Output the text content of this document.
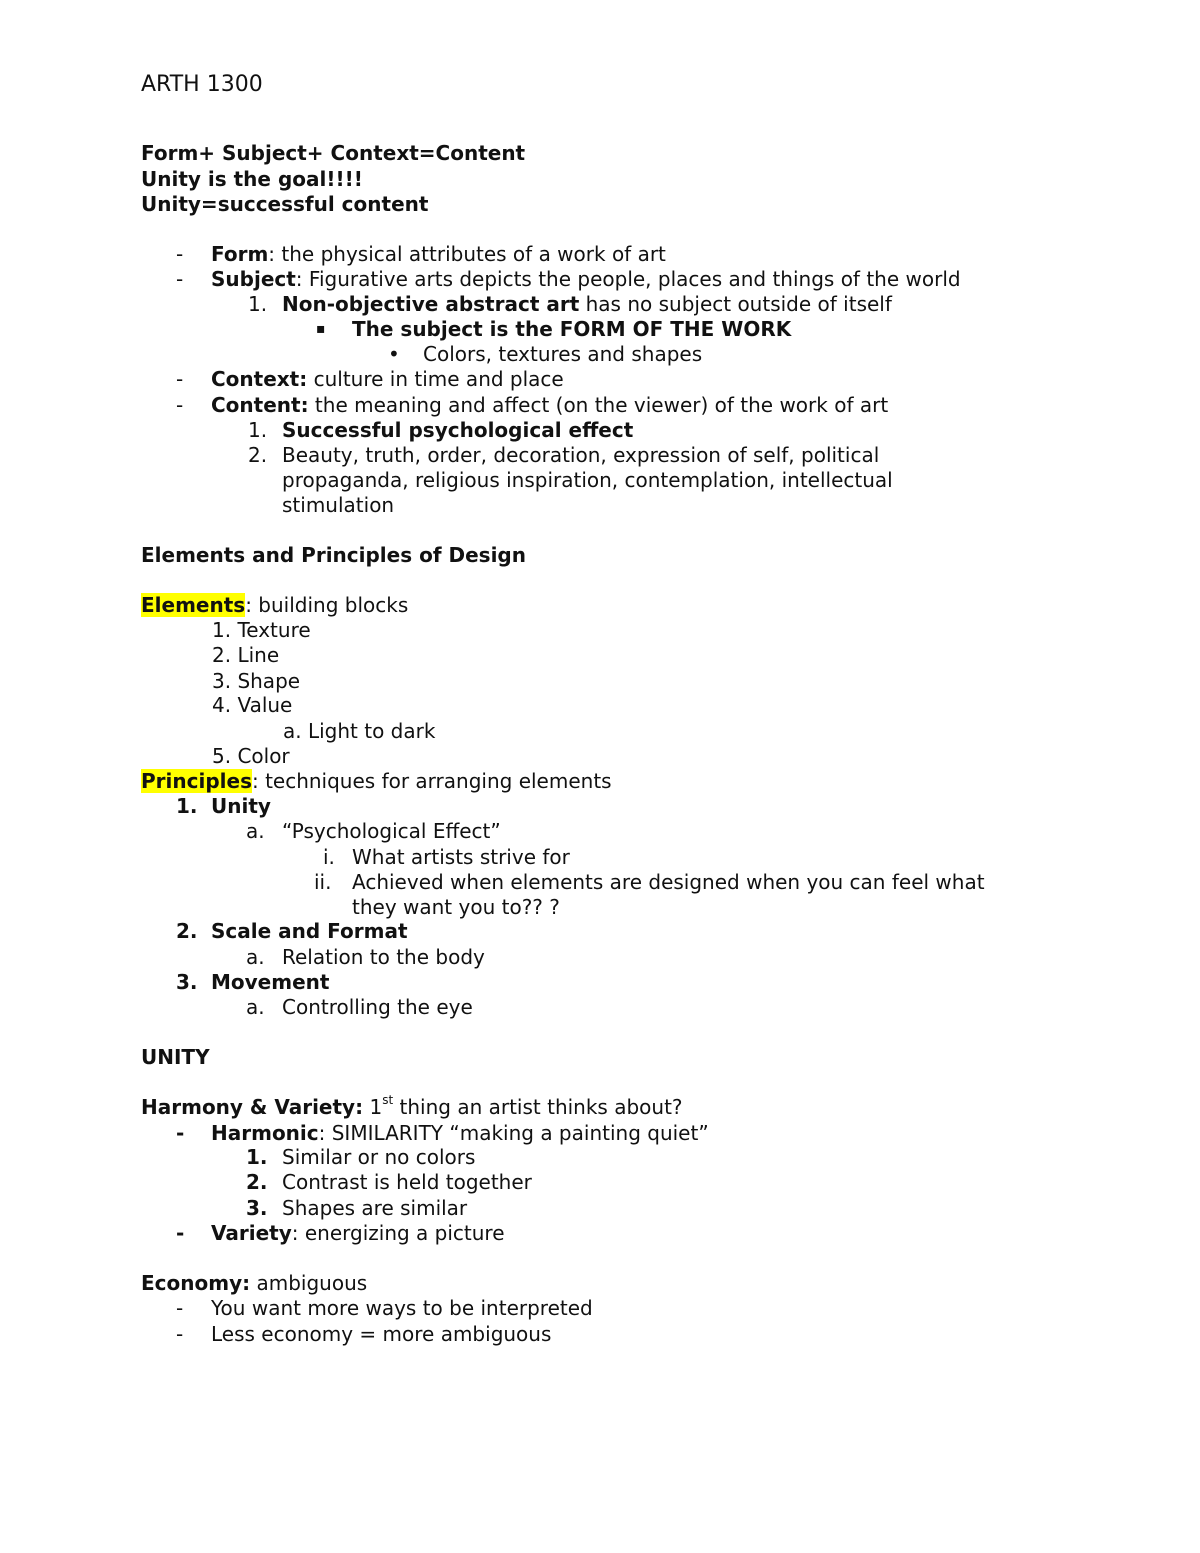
ARTH 1300
Form+ Subject+ Context=Content
Unity is the goal!!!!
Unity=successful content
- Form: the physical attributes of a work of art
- Subject: Figurative arts depicts the people, places and things of the world
1. Non-objective abstract art has no subject outside of itself
▪ The subject is the FORM OF THE WORK
• Colors, textures and shapes
- Context: culture in time and place
- Content: the meaning and affect (on the viewer) of the work of art
1. Successful psychological effect
2. Beauty, truth, order, decoration, expression of self, political
propaganda, religious inspiration, contemplation, intellectual
stimulation
Elements and Principles of Design
Elements: building blocks
1. Texture
2. Line
3. Shape
4. Value
a. Light to dark
5. Color
Principles: techniques for arranging elements
1. Unity
a. “Psychological Effect”
i. What artists strive for
ii. Achieved when elements are designed when you can feel what
they want you to?? ?
2. Scale and Format
a. Relation to the body
3. Movement
a. Controlling the eye
UNITY
Harmony & Variety: 1st thing an artist thinks about?
- Harmonic: SIMILARITY “making a painting quiet”
1. Similar or no colors
2. Contrast is held together
3. Shapes are similar
- Variety: energizing a picture
Economy: ambiguous
- You want more ways to be interpreted
- Less economy = more ambiguous
